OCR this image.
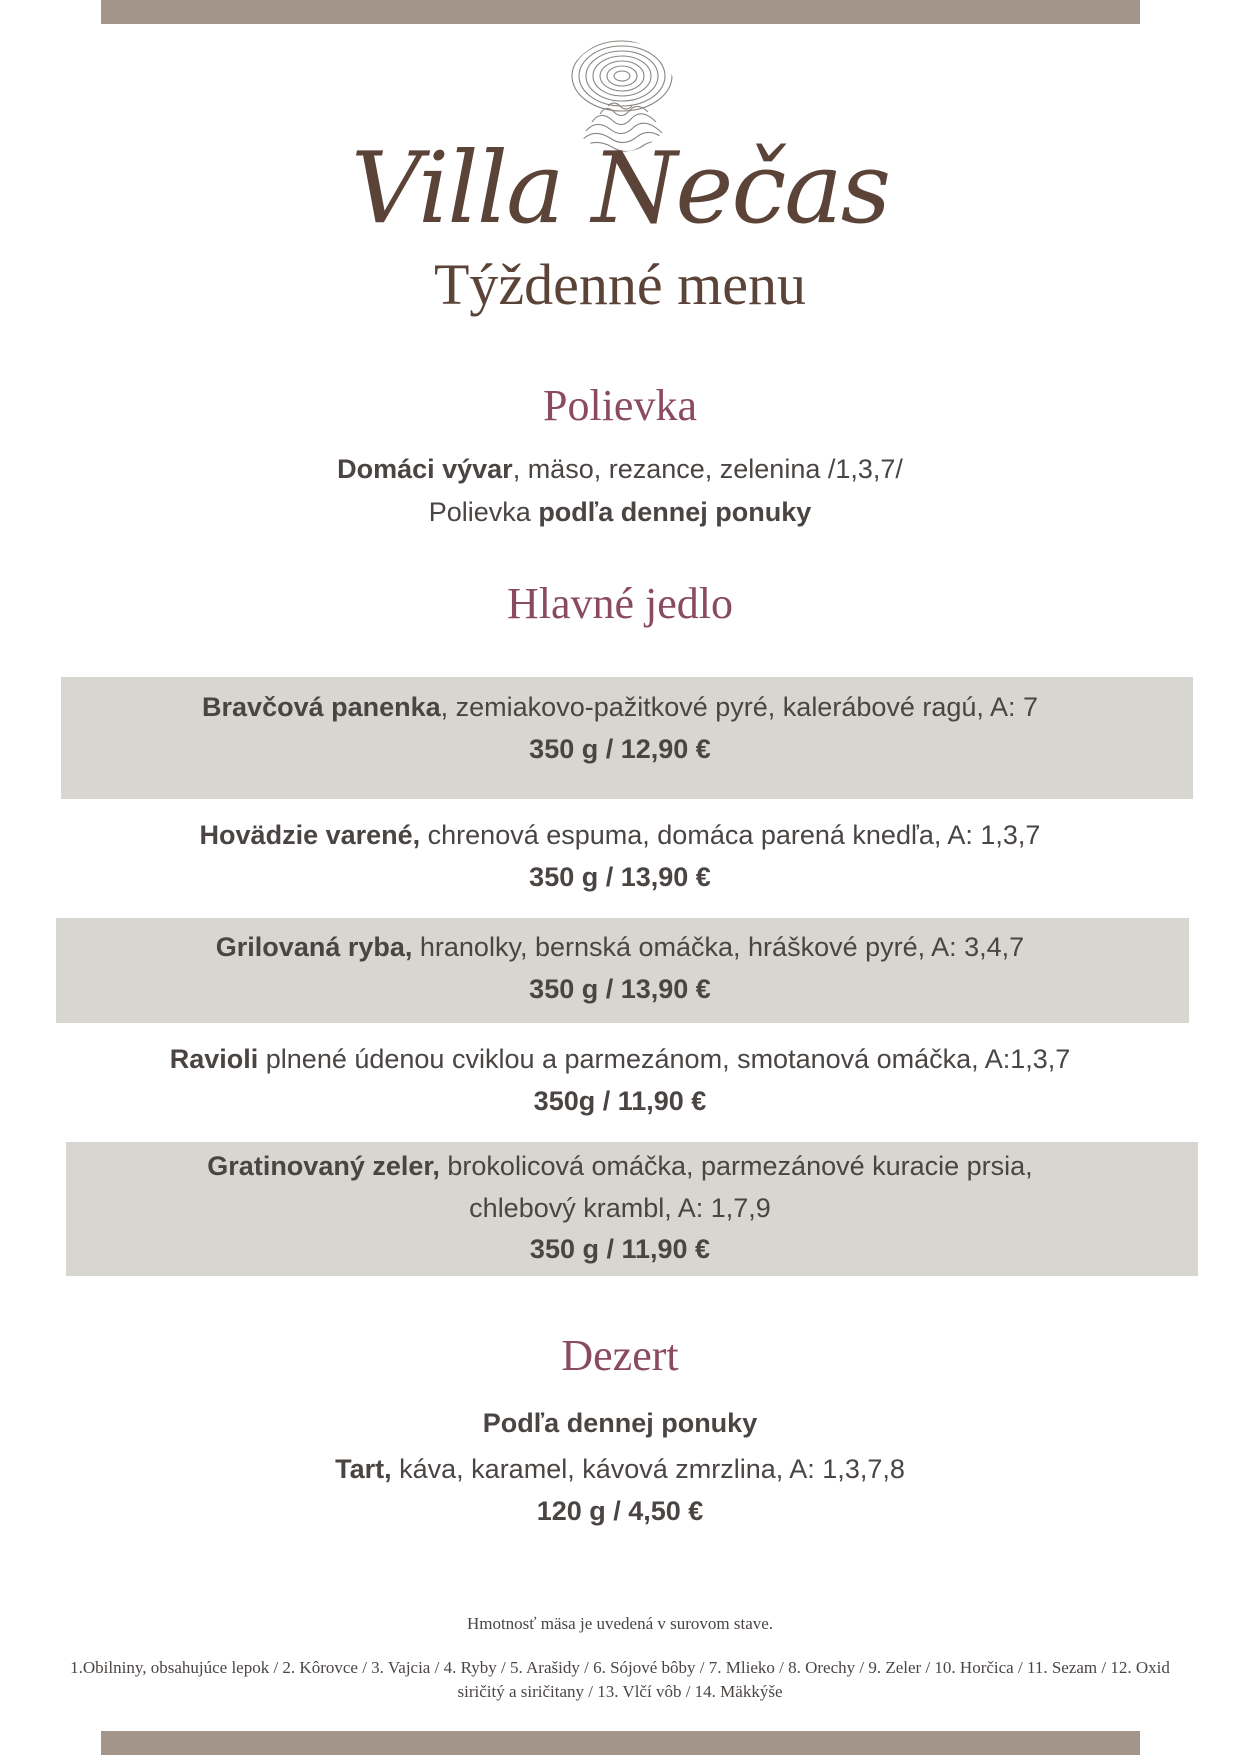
Villa Nečas
Týždenné menu
Polievka
Domáci vývar, mäso, rezance, zelenina /1,3,7/
Polievka podľa dennej ponuky
Hlavné jedlo
Bravčová panenka, zemiakovo-pažitkové pyré, kalerábové ragú, A: 7
350 g / 12,90 €
Hovädzie varené, chrenová espuma, domáca parená knedľa, A: 1,3,7
350 g / 13,90 €
Grilovaná ryba, hranolky, bernská omáčka, hráškové pyré, A: 3,4,7
350 g / 13,90 €
Ravioli plnené údenou cviklou a parmezánom, smotanová omáčka, A:1,3,7
350g / 11,90 €
Gratinovaný zeler, brokolicová omáčka, parmezánové kuracie prsia,
chlebový krambl, A: 1,7,9
350 g / 11,90 €
Dezert
Podľa dennej ponuky
Tart, káva, karamel, kávová zmrzlina, A: 1,3,7,8
120 g / 4,50 €
Hmotnosť mäsa je uvedená v surovom stave.
1.Obilniny, obsahujúce lepok / 2. Kôrovce / 3. Vajcia / 4. Ryby / 5. Arašidy / 6. Sójové bôby / 7. Mlieko / 8. Orechy / 9. Zeler / 10. Horčica / 11. Sezam / 12. Oxid siričitý a siričitany / 13. Vlčí vôb / 14. Mäkkýše
